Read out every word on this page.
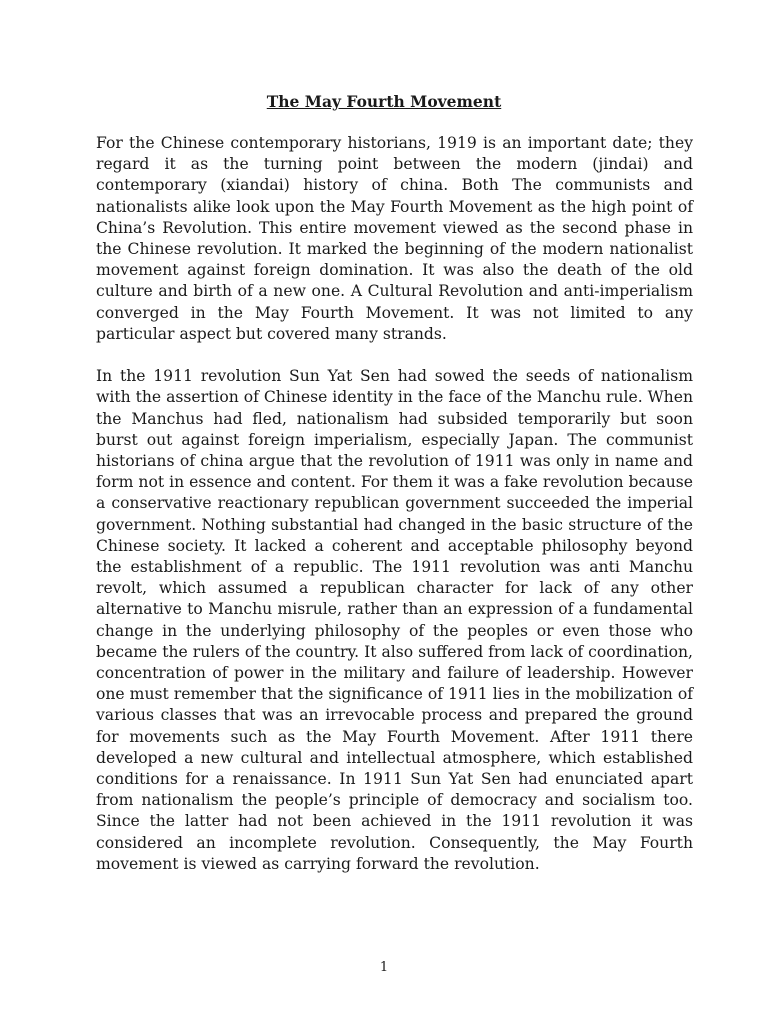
The May Fourth Movement

For the Chinese contemporary historians, 1919 is an important date; they regard it as the turning point between the modern (jindai) and contemporary (xiandai) history of china. Both The communists and nationalists alike look upon the May Fourth Movement as the high point of China’s Revolution. This entire movement viewed as the second phase in the Chinese revolution. It marked the beginning of the modern nationalist movement against foreign domination. It was also the death of the old culture and birth of a new one. A Cultural Revolution and anti-imperialism converged in the May Fourth Movement. It was not limited to any particular aspect but covered many strands.

In the 1911 revolution Sun Yat Sen had sowed the seeds of nationalism with the assertion of Chinese identity in the face of the Manchu rule. When the Manchus had fled, nationalism had subsided temporarily but soon burst out against foreign imperialism, especially Japan. The communist historians of china argue that the revolution of 1911 was only in name and form not in essence and content. For them it was a fake revolution because a conservative reactionary republican government succeeded the imperial government. Nothing substantial had changed in the basic structure of the Chinese society. It lacked a coherent and acceptable philosophy beyond the establishment of a republic. The 1911 revolution was anti Manchu revolt, which assumed a republican character for lack of any other alternative to Manchu misrule, rather than an expression of a fundamental change in the underlying philosophy of the peoples or even those who became the rulers of the country. It also suffered from lack of coordination, concentration of power in the military and failure of leadership. However one must remember that the significance of 1911 lies in the mobilization of various classes that was an irrevocable process and prepared the ground for movements such as the May Fourth Movement. After 1911 there developed a new cultural and intellectual atmosphere, which established conditions for a renaissance. In 1911 Sun Yat Sen had enunciated apart from nationalism the people’s principle of democracy and socialism too. Since the latter had not been achieved in the 1911 revolution it was considered an incomplete revolution. Consequently, the May Fourth movement is viewed as carrying forward the revolution.

1
